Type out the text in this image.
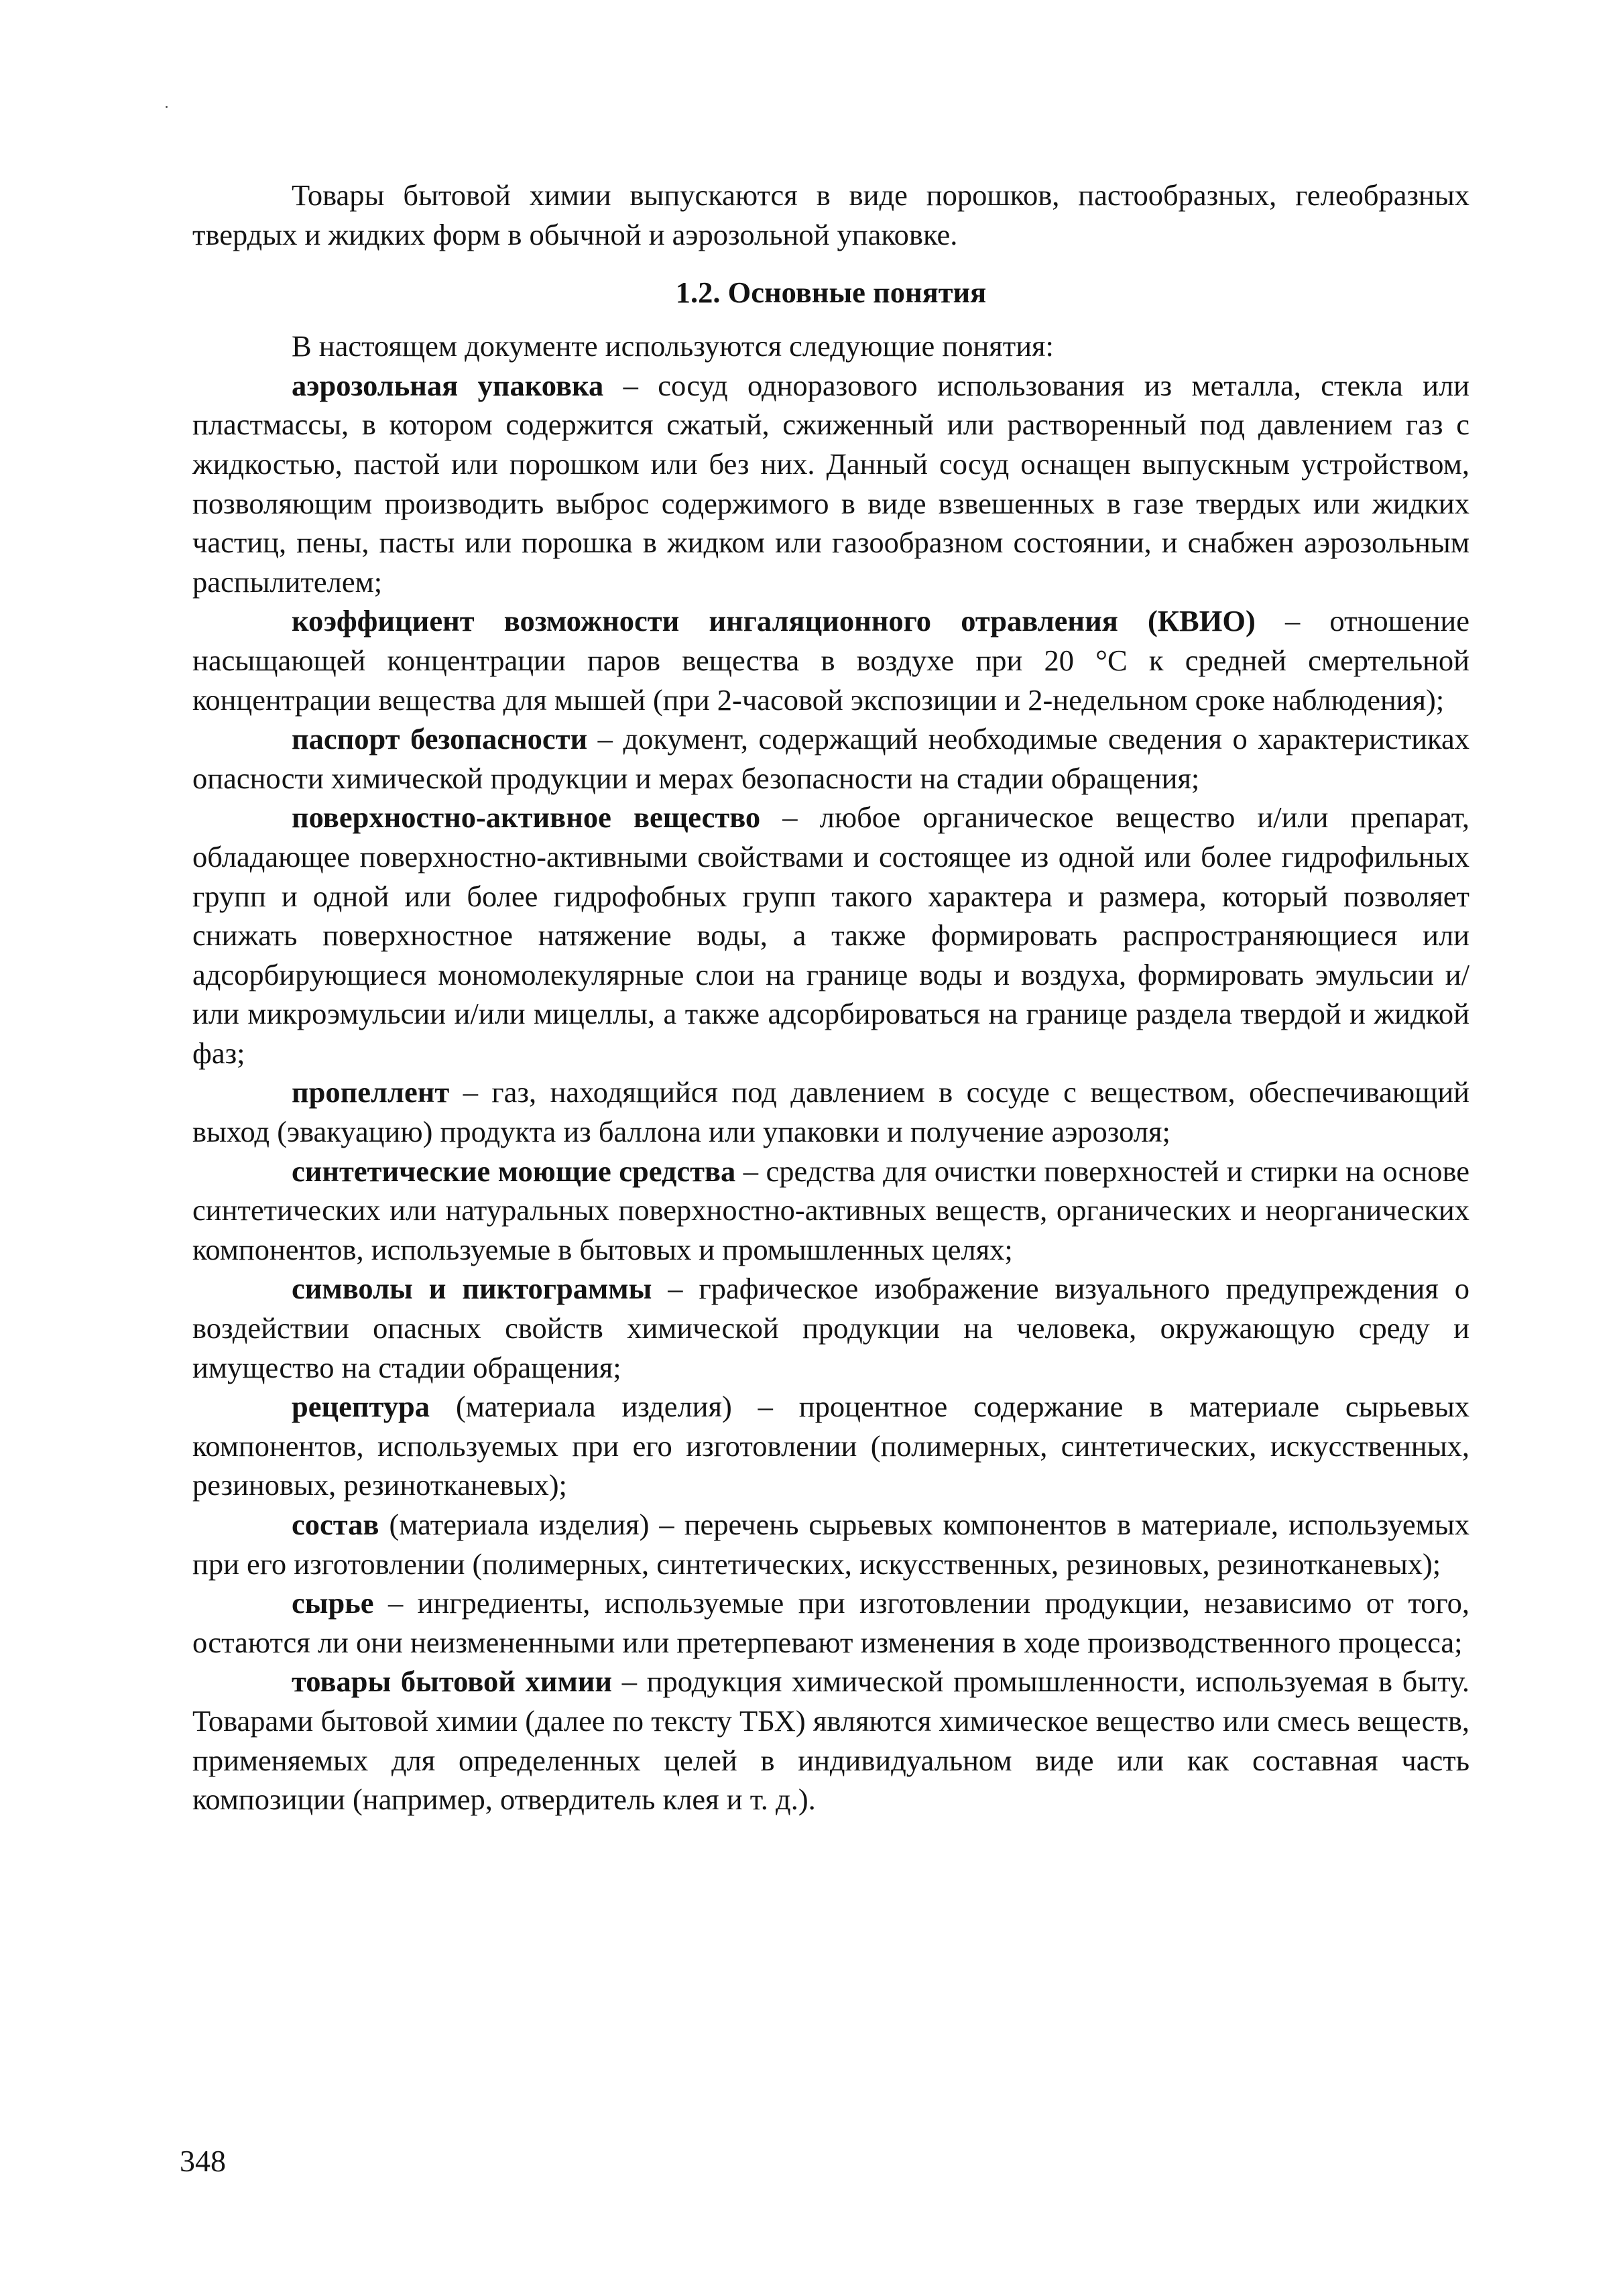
Товары бытовой химии выпускаются в виде порошков, пастообразных, гелеобразных твердых и жидких форм в обычной и аэрозольной упаковке.

1.2. Основные понятия

В настоящем документе используются следующие понятия:

аэрозольная упаковка – сосуд одноразового использования из металла, стекла или пластмассы, в котором содержится сжатый, сжиженный или растворенный под давлением газ с жидкостью, пастой или порошком или без них. Данный сосуд оснащен выпускным устройством, позволяющим производить выброс содержимого в виде взвешенных в газе твердых или жидких частиц, пены, пасты или порошка в жидком или газообразном состоянии, и снабжен аэрозольным распылителем;

коэффициент возможности ингаляционного отравления (КВИО) – отношение насыщающей концентрации паров вещества в воздухе при 20 °С к средней смертельной концентрации вещества для мышей (при 2-часовой экспозиции и 2-недельном сроке наблюдения);

паспорт безопасности – документ, содержащий необходимые сведения о характеристиках опасности химической продукции и мерах безопасности на стадии обращения;

поверхностно-активное вещество – любое органическое вещество и/или препарат, обладающее поверхностно-активными свойствами и состоящее из одной или более гидрофильных групп и одной или более гидрофобных групп такого характера и размера, который позволяет снижать поверхностное натяжение воды, а также формировать распространяющиеся или адсорбирующиеся мономолекулярные слои на границе воды и воздуха, формировать эмульсии и/или микроэмульсии и/или мицеллы, а также адсорбироваться на границе раздела твердой и жидкой фаз;

пропеллент – газ, находящийся под давлением в сосуде с веществом, обеспечивающий выход (эвакуацию) продукта из баллона или упаковки и получение аэрозоля;

синтетические моющие средства – средства для очистки поверхностей и стирки на основе синтетических или натуральных поверхностно-активных веществ, органических и неорганических компонентов, используемые в бытовых и промышленных целях;

символы и пиктограммы – графическое изображение визуального предупреждения о воздействии опасных свойств химической продукции на человека, окружающую среду и имущество на стадии обращения;

рецептура (материала изделия) – процентное содержание в материале сырьевых компонентов, используемых при его изготовлении (полимерных, синтетических, искусственных, резиновых, резинотканевых);

состав (материала изделия) – перечень сырьевых компонентов в материале, используемых при его изготовлении (полимерных, синтетических, искусственных, резиновых, резинотканевых);

сырье – ингредиенты, используемые при изготовлении продукции, независимо от того, остаются ли они неизмененными или претерпевают изменения в ходе производственного процесса;

товары бытовой химии – продукция химической промышленности, используемая в быту. Товарами бытовой химии (далее по тексту ТБХ) являются химическое вещество или смесь веществ, применяемых для определенных целей в индивидуальном виде или как составная часть композиции (например, отвердитель клея и т. д.).

348
